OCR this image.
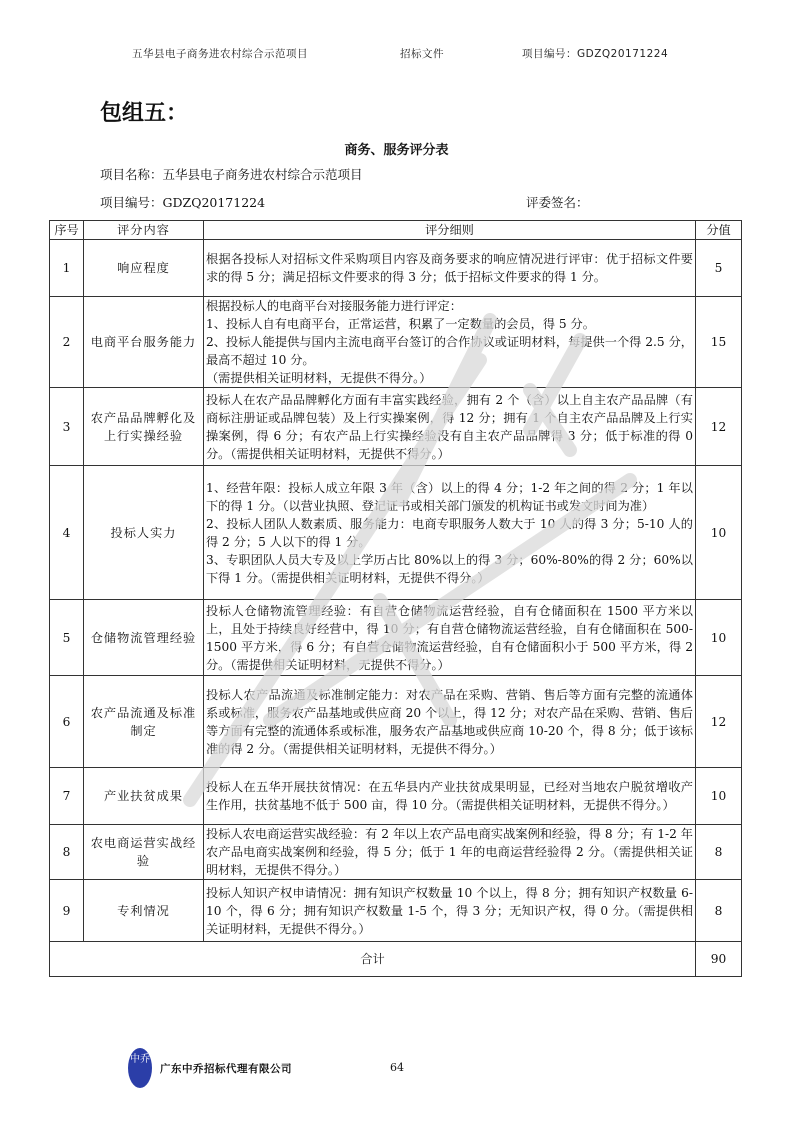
五华县电子商务进农村综合示范项目	招标文件	项目编号：GDZQ20171224
包组五：
商务、服务评分表
项目名称：五华县电子商务进农村综合示范项目
项目编号：GDZQ20171224	评委签名：
序号	评分内容	评分细则	分值
1	响应程度	根据各投标人对招标文件采购项目内容及商务要求的响应情况进行评审：优于招标文件要求的得 5 分；满足招标文件要求的得 3 分；低于招标文件要求的得 1 分。	5
2	电商平台服务能力	根据投标人的电商平台对接服务能力进行评定：
1、投标人自有电商平台，正常运营，积累了一定数量的会员，得 5 分。
2、投标人能提供与国内主流电商平台签订的合作协议或证明材料，每提供一个得 2.5 分，最高不超过 10 分。
（需提供相关证明材料，无提供不得分。）	15
3	农产品品牌孵化及上行实操经验	投标人在农产品品牌孵化方面有丰富实践经验，拥有 2 个（含）以上自主农产品品牌（有商标注册证或品牌包装）及上行实操案例，得 12 分；拥有 1 个自主农产品品牌及上行实操案例，得 6 分；有农产品上行实操经验没有自主农产品品牌得 3 分；低于标准的得 0 分。（需提供相关证明材料，无提供不得分。）	12
4	投标人实力	1、经营年限：投标人成立年限 3 年（含）以上的得 4 分；1-2 年之间的得 2 分；1 年以下的得 1 分。（以营业执照、登记证书或相关部门颁发的机构证书或发文时间为准）
2、投标人团队人数素质、服务能力：电商专职服务人数大于 10 人的得 3 分；5-10 人的得 2 分；5 人以下的得 1 分。
3、专职团队人员大专及以上学历占比 80%以上的得 3 分；60%-80%的得 2 分；60%以下得 1 分。（需提供相关证明材料，无提供不得分。）	10
5	仓储物流管理经验	投标人仓储物流管理经验：有自营仓储物流运营经验，自有仓储面积在 1500 平方米以上，且处于持续良好经营中，得 10 分；有自营仓储物流运营经验，自有仓储面积在 500-1500 平方米，得 6 分；有自营仓储物流运营经验，自有仓储面积小于 500 平方米，得 2 分。（需提供相关证明材料，无提供不得分。）	10
6	农产品流通及标准制定	投标人农产品流通及标准制定能力：对农产品在采购、营销、售后等方面有完整的流通体系或标准，服务农产品基地或供应商 20 个以上，得 12 分；对农产品在采购、营销、售后等方面有完整的流通体系或标准，服务农产品基地或供应商 10-20 个，得 8 分；低于该标准的得 2 分。（需提供相关证明材料，无提供不得分。）	12
7	产业扶贫成果	投标人在五华开展扶贫情况：在五华县内产业扶贫成果明显，已经对当地农户脱贫增收产生作用，扶贫基地不低于 500 亩，得 10 分。（需提供相关证明材料，无提供不得分。）	10
8	农电商运营实战经验	投标人农电商运营实战经验：有 2 年以上农产品电商实战案例和经验，得 8 分；有 1-2 年农产品电商实战案例和经验，得 5 分；低于 1 年的电商运营经验得 2 分。（需提供相关证明材料，无提供不得分。）	8
9	专利情况	投标人知识产权申请情况：拥有知识产权数量 10 个以上，得 8 分；拥有知识产权数量 6-10 个，得 6 分；拥有知识产权数量 1-5 个，得 3 分；无知识产权，得 0 分。（需提供相关证明材料，无提供不得分。）	8
合计			90
中乔
广东中乔招标代理有限公司	64
